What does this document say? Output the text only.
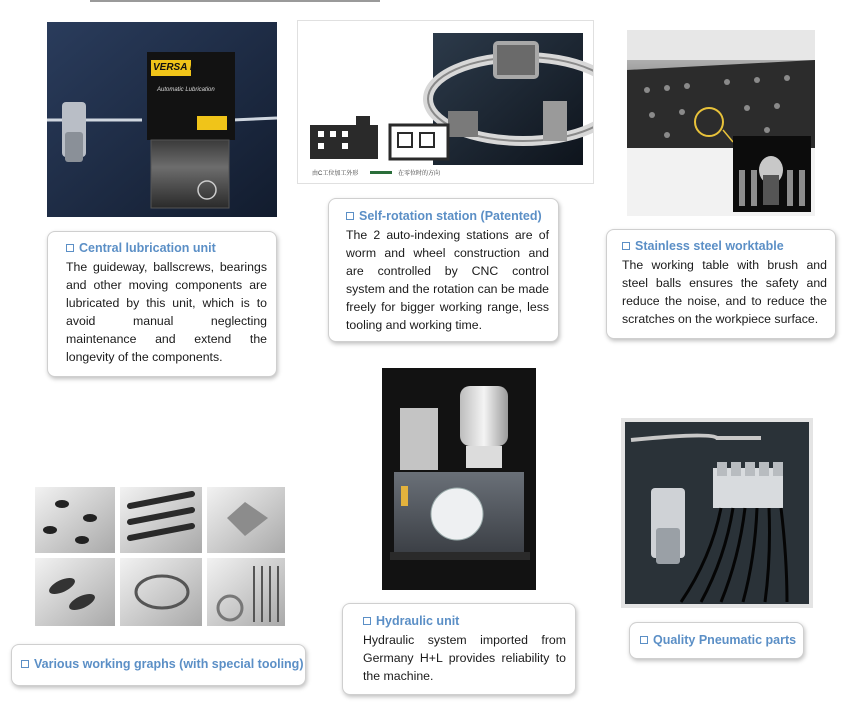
VERSA III
Automatic Lubrication
由C工位加工外形	在零位时的方向
Central lubrication unit

The guideway, ballscrews, bearings and other moving components are lubricated by this unit, which is to avoid manual neglecting maintenance and extend the longevity of the components.

Self-rotation station (Patented)

The 2 auto-indexing stations are of worm and wheel construction and are controlled by CNC control system and the rotation can be made freely for bigger working range, less tooling and working time.

Stainless steel worktable

The working table with brush and steel balls ensures the safety and reduce the noise, and to reduce the scratches on the workpiece surface.

Various working graphs (with special tooling)
Hydraulic unit

Hydraulic system imported from Germany H+L provides reliability to the machine.

Quality Pneumatic parts
